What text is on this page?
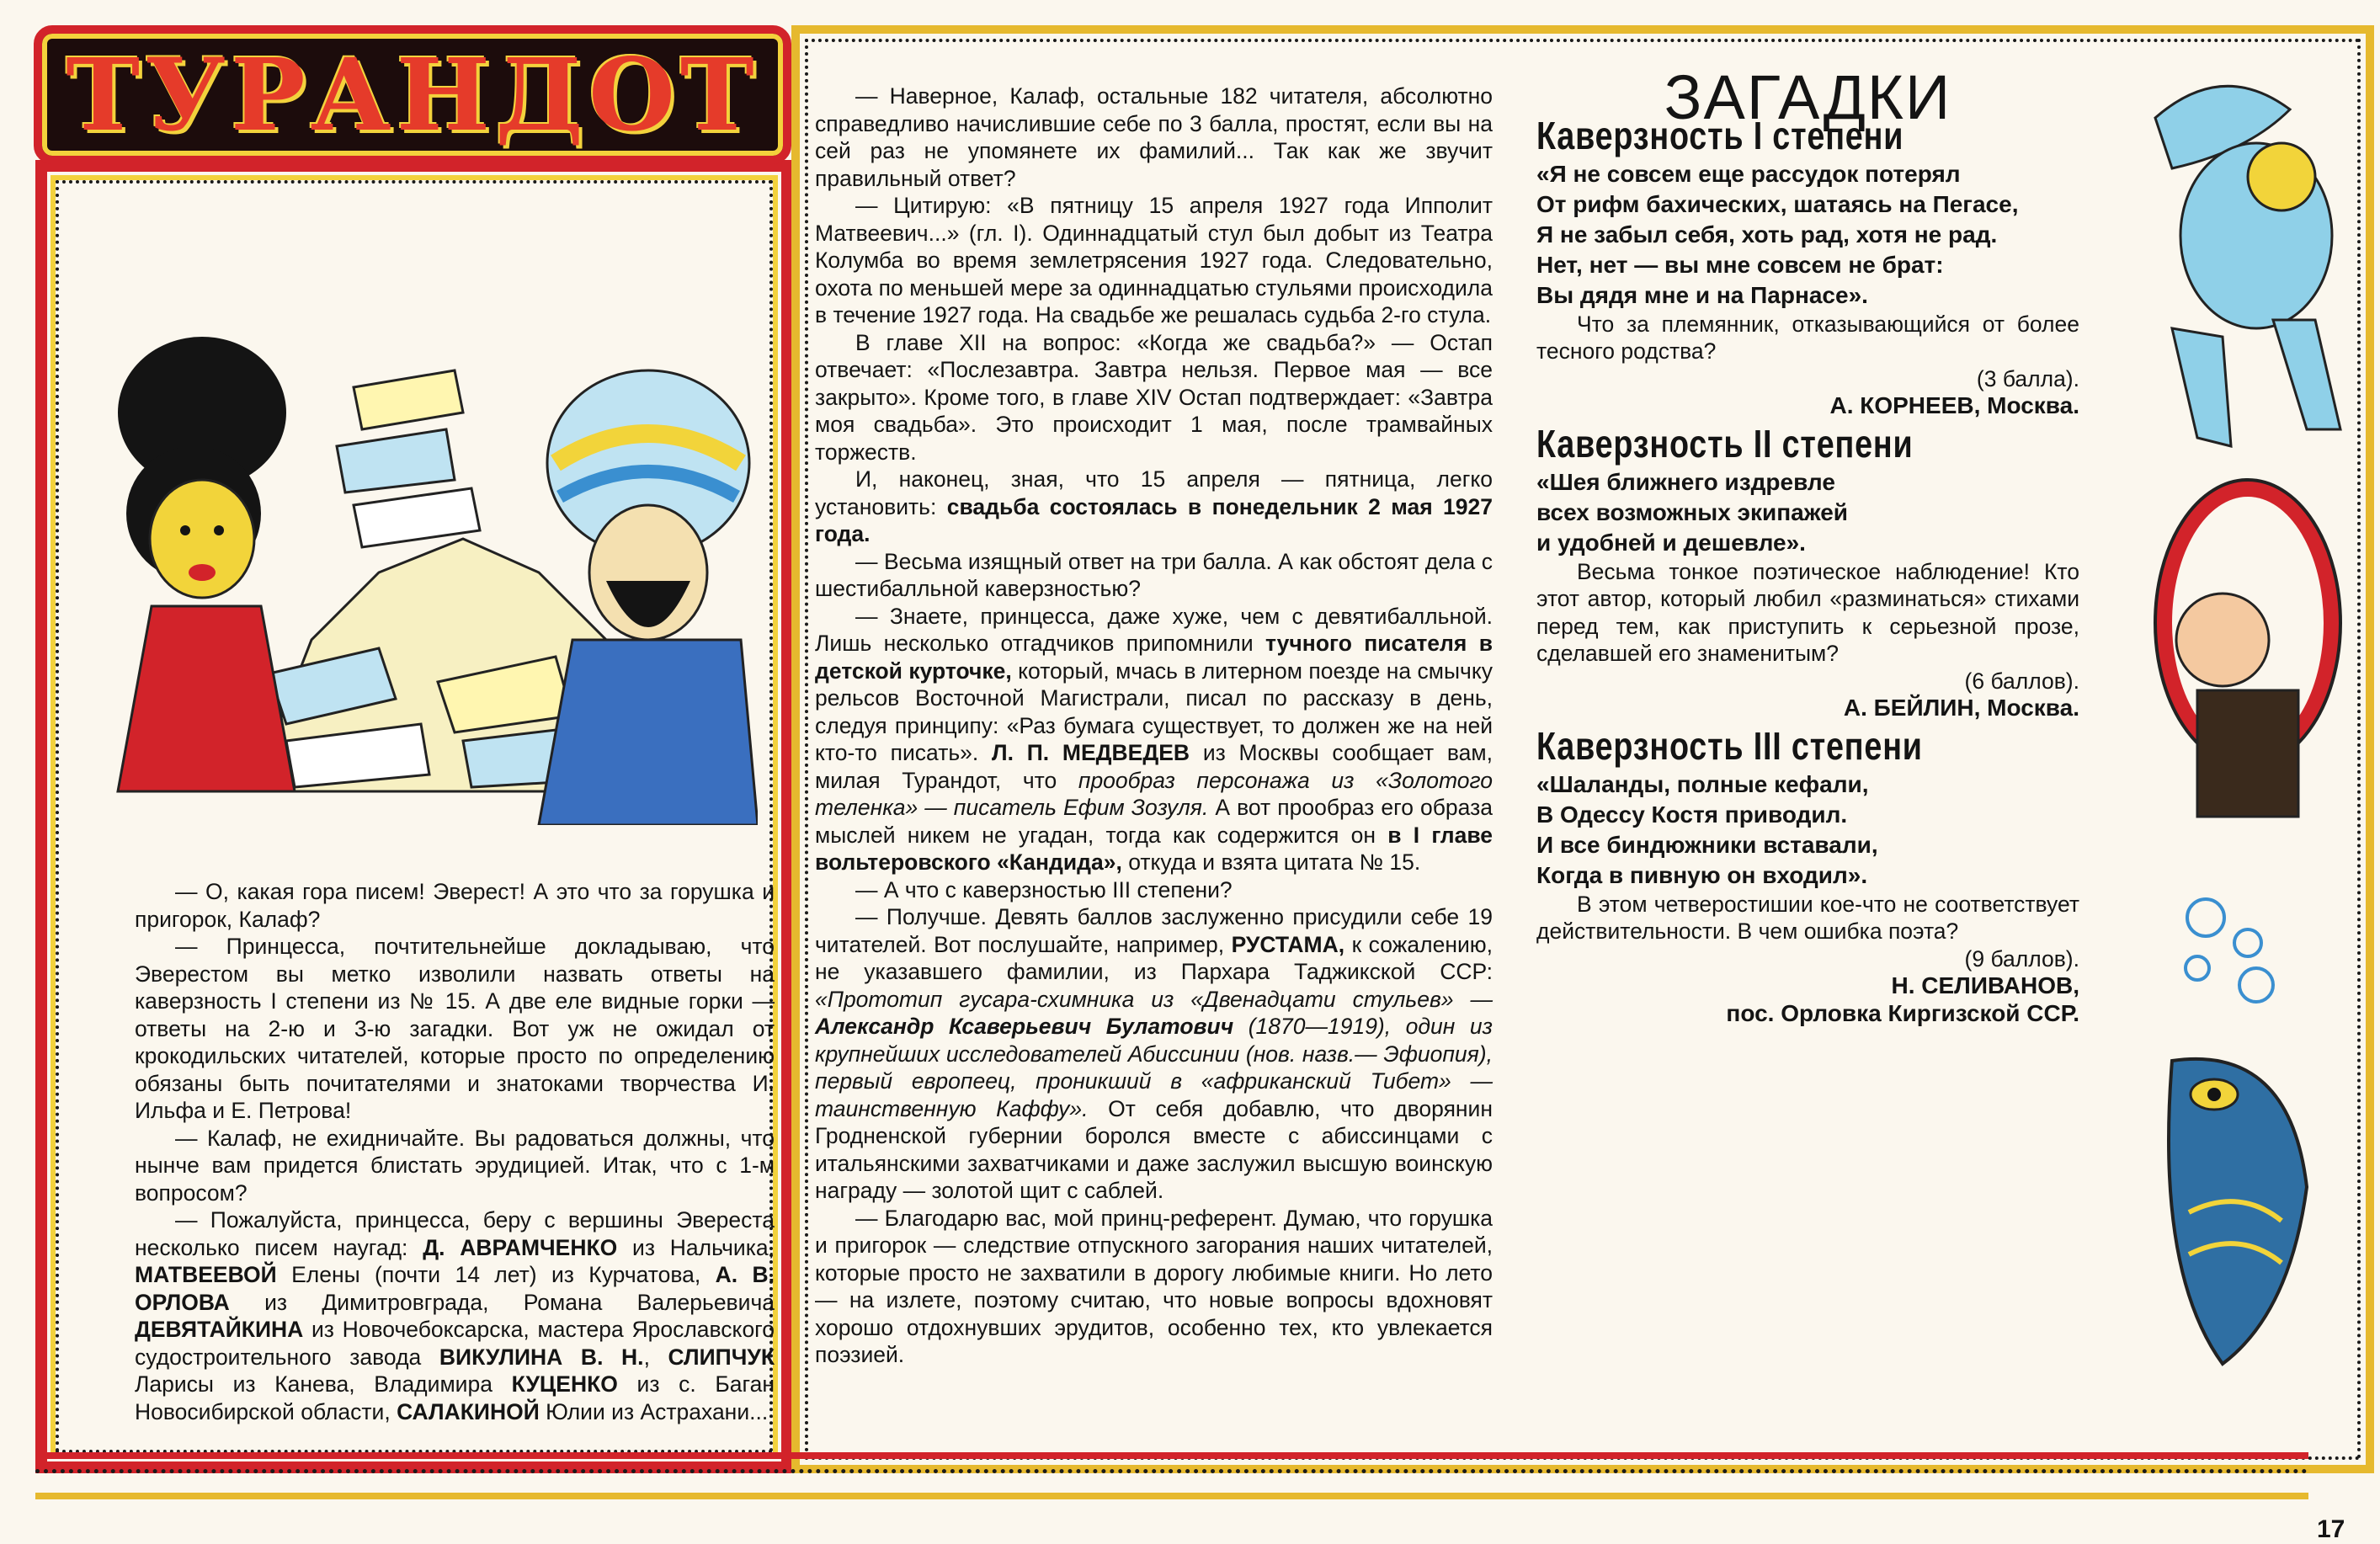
ТУРАНДОТ

— О, какая гора писем! Эверест! А это что за горушка и пригорок, Калаф?

— Принцесса, почтительнейше докладываю, что Эверестом вы метко изволили назвать ответы на каверзность I степени из № 15. А две еле видные горки — ответы на 2-ю и 3-ю загадки. Вот уж не ожидал от крокодильских читателей, которые просто по определению обязаны быть почитателями и знатоками творчества И. Ильфа и Е. Петрова!

— Калаф, не ехидничайте. Вы радоваться должны, что нынче вам придется блистать эрудицией. Итак, что с 1-м вопросом?

— Пожалуйста, принцесса, беру с вершины Эвереста несколько писем наугад: Д. АВРАМЧЕНКО из Нальчика, МАТВЕЕВОЙ Елены (почти 14 лет) из Курчатова, А. В. ОРЛОВА из Димитровграда, Романа Валерьевича ДЕВЯТАЙКИНА из Новочебоксарска, мастера Ярославского судостроительного завода ВИКУЛИНА В. Н., СЛИПЧУК Ларисы из Канева, Владимира КУЦЕНКО из с. Баган Новосибирской области, САЛАКИНОЙ Юлии из Астрахани...

— Наверное, Калаф, остальные 182 читателя, абсолютно справедливо начислившие себе по 3 балла, простят, если вы на сей раз не упомянете их фамилий... Так как же звучит правильный ответ?

— Цитирую: «В пятницу 15 апреля 1927 года Ипполит Матвеевич...» (гл. I). Одиннадцатый стул был добыт из Театра Колумба во время землетрясения 1927 года. Следовательно, охота по меньшей мере за одиннадцатью стульями происходила в течение 1927 года. На свадьбе же решалась судьба 2-го стула.

В главе XII на вопрос: «Когда же свадьба?» — Остап отвечает: «Послезавтра. Завтра нельзя. Первое мая — все закрыто». Кроме того, в главе XIV Остап подтверждает: «Завтра моя свадьба». Это происходит 1 мая, после трамвайных торжеств.

И, наконец, зная, что 15 апреля — пятница, легко установить: свадьба состоялась в понедельник 2 мая 1927 года.

— Весьма изящный ответ на три балла. А как обстоят дела с шестибалльной каверзностью?

— Знаете, принцесса, даже хуже, чем с девятибалльной. Лишь несколько отгадчиков припомнили тучного писателя в детской курточке, который, мчась в литерном поезде на смычку рельсов Восточной Магистрали, писал по рассказу в день, следуя принципу: «Раз бумага существует, то должен же на ней кто-то писать». Л. П. МЕДВЕДЕВ из Москвы сообщает вам, милая Турандот, что прообраз персонажа из «Золотого теленка» — писатель Ефим Зозуля. А вот прообраз его образа мыслей никем не угадан, тогда как содержится он в I главе вольтеровского «Кандида», откуда и взята цитата № 15.

— А что с каверзностью III степени?

— Получше. Девять баллов заслуженно присудили себе 19 читателей. Вот послушайте, например, РУСТАМА, к сожалению, не указавшего фамилии, из Пархара Таджикской ССР: «Прототип гусара-схимника из «Двенадцати стульев» — Александр Ксаверьевич Булатович (1870—1919), один из крупнейших исследователей Абиссинии (нов. назв.— Эфиопия), первый европеец, проникший в «африканский Тибет» — таинственную Каффу». От себя добавлю, что дворянин Гродненской губернии боролся вместе с абиссинцами с итальянскими захватчиками и даже заслужил высшую воинскую награду — золотой щит с саблей.

— Благодарю вас, мой принц-референт. Думаю, что горушка и пригорок — следствие отпускного загорания наших читателей, которые просто не захватили в дорогу любимые книги. Но лето — на излете, поэтому считаю, что новые вопросы вдохновят хорошо отдохнувших эрудитов, особенно тех, кто увлекается поэзией.

ЗАГАДКИ

Каверзность I степени

«Я не совсем еще рассудок потерял
От рифм бахических, шатаясь на Пегасе,
Я не забыл себя, хоть рад, хотя не рад.
Нет, нет — вы мне совсем не брат:
Вы дядя мне и на Парнасе».

Что за племянник, отказывающийся от более тесного родства?

(3 балла).

А. КОРНЕЕВ, Москва.

Каверзность II степени

«Шея ближнего издревле
всех возможных экипажей
и удобней и дешевле».

Весьма тонкое поэтическое наблюдение! Кто этот автор, который любил «разминаться» стихами перед тем, как приступить к серьезной прозе, сделавшей его знаменитым?

(6 баллов).

А. БЕЙЛИН, Москва.

Каверзность III степени

«Шаланды, полные кефали,
В Одессу Костя приводил.
И все биндюжники вставали,
Когда в пивную он входил».

В этом четверостишии кое-что не соответствует действительности. В чем ошибка поэта?

(9 баллов).

Н. СЕЛИВАНОВ,

пос. Орловка Киргизской ССР.

17
